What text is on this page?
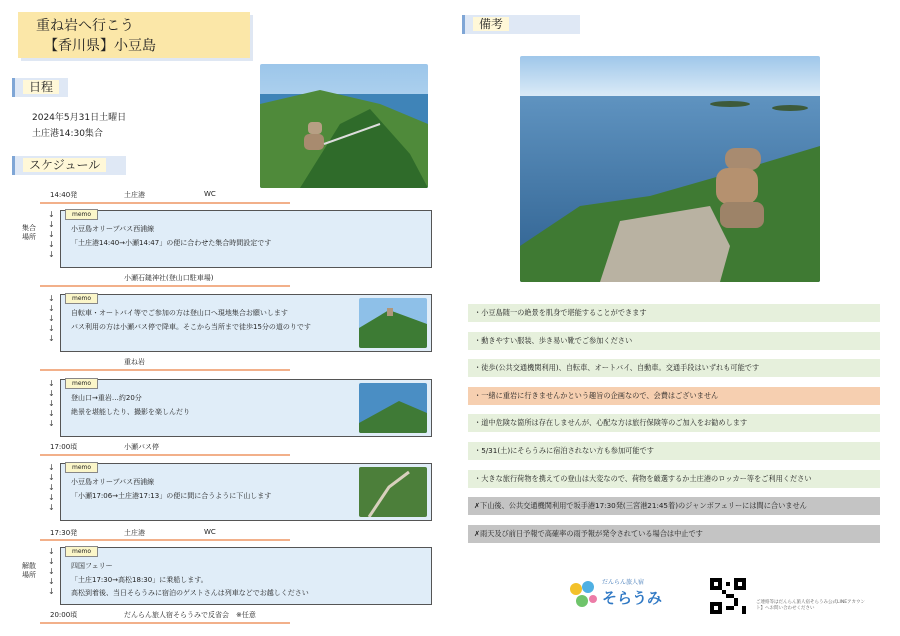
重ね岩へ行こう
【香川県】小豆島
日程
2024年5月31日土曜日
土庄港14:30集合
スケジュール
14:40発	土庄港	WC
集合
場所
↓
↓
↓
↓
↓
memo
小豆島オリーブバス西浦線
「土庄港14:40→小瀬14:47」の便に合わせた集合時間設定です
小瀬石鎚神社(登山口駐車場)
↓
↓
↓
↓
↓
memo
自転車・オートバイ等でご参加の方は登山口へ現地集合お願いします
バス利用の方は小瀬バス停で降車。そこから当所まで徒歩15分の道のりです
重ね岩
↓
↓
↓
↓
↓
memo
登山口→重岩…約20分
絶景を堪能したり、撮影を楽しんだり
17:00頃	小瀬バス停
↓
↓
↓
↓
↓
memo
小豆島オリーブバス西浦線
「小瀬17:06→土庄港17:13」の便に間に合うように下山します
17:30発	土庄港	WC
解散
場所
↓
↓
↓
↓
↓
memo
四国フェリー
「土庄17:30→高松18:30」に乗船します。
高松到着後、当日そらうみに宿泊のゲストさんは列車などでお越しください
20:00頃	だんらん旅人宿そらうみで反省会　※任意
備考
・小豆島随一の絶景を肌身で堪能することができます
・動きやすい服装、歩き易い靴でご参加ください
・徒歩(公共交通機関利用)、自転車、オートバイ、自動車。交通手段はいずれも可能です
・一緒に重岩に行きませんかという趣旨の企画なので、会費はございません
・道中危険な箇所は存在しませんが、心配な方は旅行保険等のご加入をお勧めします
・5/31(土)にそらうみに宿泊されない方も参加可能です
・大きな旅行荷物を携えての登山は大変なので、荷物を厳選するか土庄港のロッカー等をご利用ください
✗下山後、公共交通機関利用で坂手港17:30発(三宮港21:45着)のジャンボフェリーには間に合いません
✗雨天及び前日予報で高確率の雨予報が発令されている場合は中止です
だんらん旅人宿
そらうみ	ご連絡等はだんらん旅人宿そらうみ公式LINEアカウント】へお問い合わせください
